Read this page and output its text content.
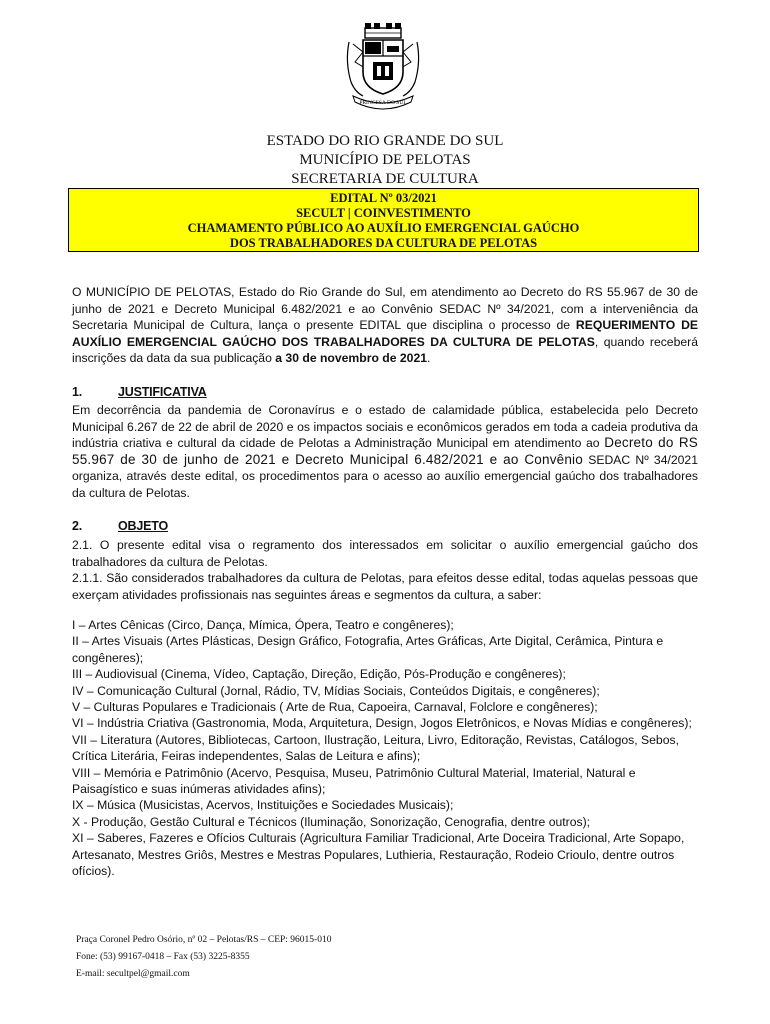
PRINCESA DO SUL
ESTADO DO RIO GRANDE DO SUL
MUNICÍPIO DE PELOTAS
SECRETARIA DE CULTURA
EDITAL Nº 03/2021
SECULT | COINVESTIMENTO
CHAMAMENTO PÚBLICO AO AUXÍLIO EMERGENCIAL GAÚCHO
DOS TRABALHADORES DA CULTURA DE PELOTAS
O MUNICÍPIO DE PELOTAS, Estado do Rio Grande do Sul, em atendimento ao Decreto do RS 55.967 de 30 de junho de 2021 e Decreto Municipal 6.482/2021 e ao Convênio SEDAC Nº 34/2021, com a interveniência da Secretaria Municipal de Cultura, lança o presente EDITAL que disciplina o processo de REQUERIMENTO DE AUXÍLIO EMERGENCIAL GAÚCHO DOS TRABALHADORES DA CULTURA DE PELOTAS, quando receberá inscrições da data da sua publicação a 30 de novembro de 2021.
1.	JUSTIFICATIVA
Em decorrência da pandemia de Coronavírus e o estado de calamidade pública, estabelecida pelo Decreto Municipal 6.267 de 22 de abril de 2020 e os impactos sociais e econômicos gerados em toda a cadeia produtiva da indústria criativa e cultural da cidade de Pelotas a Administração Municipal em atendimento ao Decreto do RS 55.967 de 30 de junho de 2021 e Decreto Municipal 6.482/2021 e ao Convênio SEDAC Nº 34/2021 organiza, através deste edital, os procedimentos para o acesso ao auxílio emergencial gaúcho dos trabalhadores da cultura de Pelotas.
2.	OBJETO
2.1. O presente edital visa o regramento dos interessados em solicitar o auxílio emergencial gaúcho dos trabalhadores da cultura de Pelotas.
2.1.1. São considerados trabalhadores da cultura de Pelotas, para efeitos desse edital, todas aquelas pessoas que exerçam atividades profissionais nas seguintes áreas e segmentos da cultura, a saber:
I – Artes Cênicas (Circo, Dança, Mímica, Ópera, Teatro e congêneres);
II – Artes Visuais (Artes Plásticas, Design Gráfico, Fotografia, Artes Gráficas, Arte Digital, Cerâmica, Pintura e congêneres);
III – Audiovisual (Cinema, Vídeo, Captação, Direção, Edição, Pós-Produção e congêneres);
IV – Comunicação Cultural (Jornal, Rádio, TV, Mídias Sociais, Conteúdos Digitais, e congêneres);
V – Culturas Populares e Tradicionais ( Arte de Rua, Capoeira, Carnaval, Folclore e congêneres);
VI – Indústria Criativa (Gastronomia, Moda, Arquitetura, Design, Jogos Eletrônicos, e Novas Mídias e congêneres);
VII – Literatura (Autores, Bibliotecas, Cartoon, Ilustração, Leitura, Livro, Editoração, Revistas, Catálogos, Sebos, Crítica Literária, Feiras independentes, Salas de Leitura e afins);
VIII – Memória e Patrimônio (Acervo, Pesquisa, Museu, Patrimônio Cultural Material, Imaterial, Natural e Paisagístico e suas inúmeras atividades afins);
IX – Música (Musicistas, Acervos, Instituições e Sociedades Musicais);
X - Produção, Gestão Cultural e Técnicos (Iluminação, Sonorização, Cenografia, dentre outros);
XI – Saberes, Fazeres e Ofícios Culturais (Agricultura Familiar Tradicional, Arte Doceira Tradicional, Arte Sopapo, Artesanato, Mestres Griôs, Mestres e Mestras Populares, Luthieria, Restauração, Rodeio Crioulo, dentre outros ofícios).
Praça Coronel Pedro Osório, nº 02 – Pelotas/RS – CEP: 96015-010
Fone: (53) 99167-0418 – Fax (53) 3225-8355
E-mail: secultpel@gmail.com
